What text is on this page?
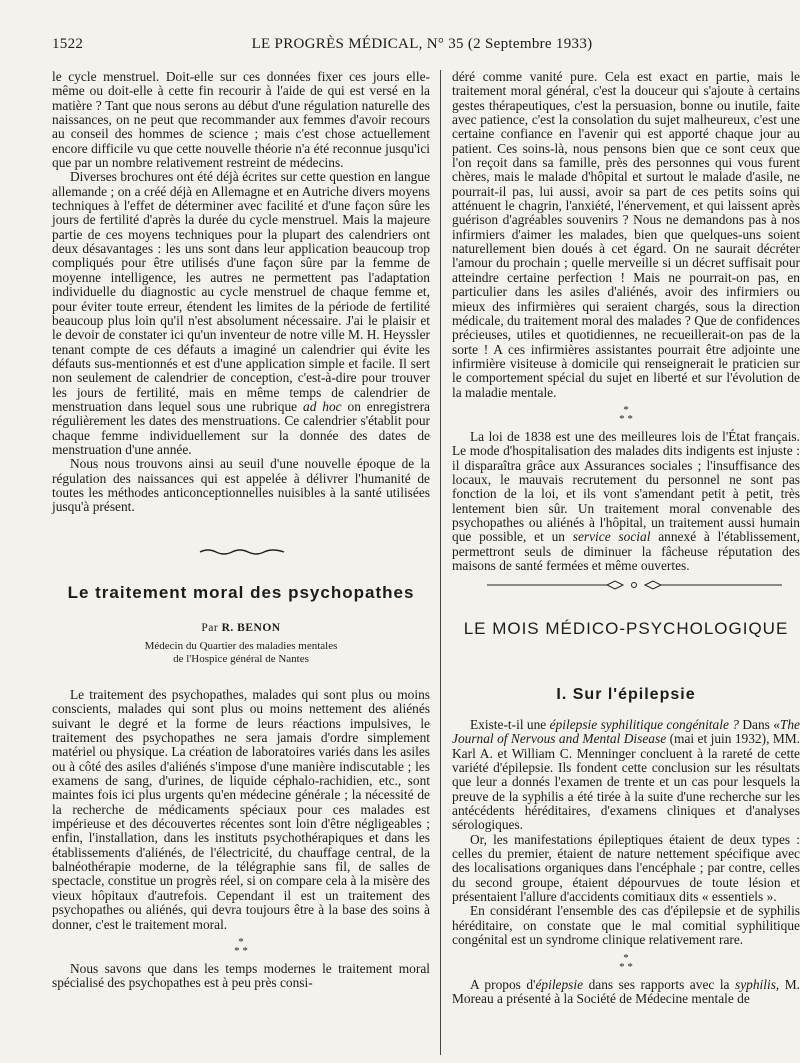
1522	LE PROGRÈS MÉDICAL, N° 35 (2 Septembre 1933)

le cycle menstruel. Doit-elle sur ces données fixer ces jours elle-même ou doit-elle à cette fin recourir à l'aide de qui est versé en la matière ? Tant que nous serons au début d'une régulation naturelle des naissances, on ne peut que recommander aux femmes d'avoir recours au conseil des hommes de science ; mais c'est chose actuellement encore difficile vu que cette nouvelle théorie n'a été reconnue jusqu'ici que par un nombre relativement restreint de médecins.

Diverses brochures ont été déjà écrites sur cette question en langue allemande ; on a créé déjà en Allemagne et en Autriche divers moyens techniques à l'effet de déterminer avec facilité et d'une façon sûre les jours de fertilité d'après la durée du cycle menstruel. Mais la majeure partie de ces moyens techniques pour la plupart des calendriers ont deux désavantages : les uns sont dans leur application beaucoup trop compliqués pour être utilisés d'une façon sûre par la femme de moyenne intelligence, les autres ne permettent pas l'adaptation individuelle du diagnostic au cycle menstruel de chaque femme et, pour éviter toute erreur, étendent les limites de la période de fertilité beaucoup plus loin qu'il n'est absolument nécessaire. J'ai le plaisir et le devoir de constater ici qu'un inventeur de notre ville M. H. Heyssler tenant compte de ces défauts a imaginé un calendrier qui évite les défauts sus-mentionnés et est d'une application simple et facile. Il sert non seulement de calendrier de conception, c'est-à-dire pour trouver les jours de fertilité, mais en même temps de calendrier de menstruation dans lequel sous une rubrique ad hoc on enregistrera régulièrement les dates des menstruations. Ce calendrier s'établit pour chaque femme individuellement sur la donnée des dates de menstruation d'une année.

Nous nous trouvons ainsi au seuil d'une nouvelle époque de la régulation des naissances qui est appelée à délivrer l'humanité de toutes les méthodes anticonceptionnelles nuisibles à la santé utilisées jusqu'à présent.

Le traitement moral des psychopathes
Par R. BENON
Médecin du Quartier des maladies mentales
de l'Hospice général de Nantes

Le traitement des psychopathes, malades qui sont plus ou moins conscients, malades qui sont plus ou moins nettement des aliénés suivant le degré et la forme de leurs réactions impulsives, le traitement des psychopathes ne sera jamais d'ordre simplement matériel ou physique. La création de laboratoires variés dans les asiles ou à côté des asiles d'aliénés s'impose d'une manière indiscutable ; les examens de sang, d'urines, de liquide céphalo-rachidien, etc., sont maintes fois ici plus urgents qu'en médecine générale ; la nécessité de la recherche de médicaments spéciaux pour ces malades est impérieuse et des découvertes récentes sont loin d'être négligeables ; enfin, l'installation, dans les instituts psychothérapiques et dans les établissements d'aliénés, de l'électricité, du chauffage central, de la balnéothérapie moderne, de la télégraphie sans fil, de salles de spectacle, constitue un progrès réel, si on compare cela à la misère des vieux hôpitaux d'autrefois. Cependant il est un traitement des psychopathes ou aliénés, qui devra toujours être à la base des soins à donner, c'est le traitement moral.

*
* *

Nous savons que dans les temps modernes le traitement moral spécialisé des psychopathes est à peu près consi-

déré comme vanité pure. Cela est exact en partie, mais le traitement moral général, c'est la douceur qui s'ajoute à certains gestes thérapeutiques, c'est la persuasion, bonne ou inutile, faite avec patience, c'est la consolation du sujet malheureux, c'est une certaine confiance en l'avenir qui est apporté chaque jour au patient. Ces soins-là, nous pensons bien que ce sont ceux que l'on reçoit dans sa famille, près des personnes qui vous furent chères, mais le malade d'hôpital et surtout le malade d'asile, ne pourrait-il pas, lui aussi, avoir sa part de ces petits soins qui atténuent le chagrin, l'anxiété, l'énervement, et qui laissent après guérison d'agréables souvenirs ? Nous ne demandons pas à nos infirmiers d'aimer les malades, bien que quelques-uns soient naturellement bien doués à cet égard. On ne saurait décréter l'amour du prochain ; quelle merveille si un décret suffisait pour atteindre certaine perfection ! Mais ne pourrait-on pas, en particulier dans les asiles d'aliénés, avoir des infirmiers ou mieux des infirmières qui seraient chargés, sous la direction médicale, du traitement moral des malades ? Que de confidences précieuses, utiles et quotidiennes, ne recueillerait-on pas de la sorte ! A ces infirmières assistantes pourrait être adjointe une infirmière visiteuse à domicile qui renseignerait le praticien sur le comportement spécial du sujet en liberté et sur l'évolution de la maladie mentale.

*
* *

La loi de 1838 est une des meilleures lois de l'État français. Le mode d'hospitalisation des malades dits indigents est injuste : il disparaîtra grâce aux Assurances sociales ; l'insuffisance des locaux, le mauvais recrutement du personnel ne sont pas fonction de la loi, et ils vont s'amendant petit à petit, très lentement bien sûr. Un traitement moral convenable des psychopathes ou aliénés à l'hôpital, un traitement aussi humain que possible, et un service social annexé à l'établissement, permettront seuls de diminuer la fâcheuse réputation des maisons de santé fermées et même ouvertes.

LE MOIS MÉDICO-PSYCHOLOGIQUE
I. Sur l'épilepsie

Existe-t-il une épilepsie syphilitique congénitale ? Dans «The Journal of Nervous and Mental Disease (mai et juin 1932), MM. Karl A. et William C. Menninger concluent à la rareté de cette variété d'épilepsie. Ils fondent cette conclusion sur les résultats que leur a donnés l'examen de trente et un cas pour lesquels la preuve de la syphilis a été tirée à la suite d'une recherche sur les antécédents héréditaires, d'examens cliniques et d'analyses sérologiques.

Or, les manifestations épileptiques étaient de deux types : celles du premier, étaient de nature nettement spécifique avec des localisations organiques dans l'encéphale ; par contre, celles du second groupe, étaient dépourvues de toute lésion et présentaient l'allure d'accidents comitiaux dits « essentiels ».

En considérant l'ensemble des cas d'épilepsie et de syphilis héréditaire, on constate que le mal comitial syphilitique congénital est un syndrome clinique relativement rare.

*
* *

A propos d'épilepsie dans ses rapports avec la syphilis, M. Moreau a présenté à la Société de Médecine mentale de
